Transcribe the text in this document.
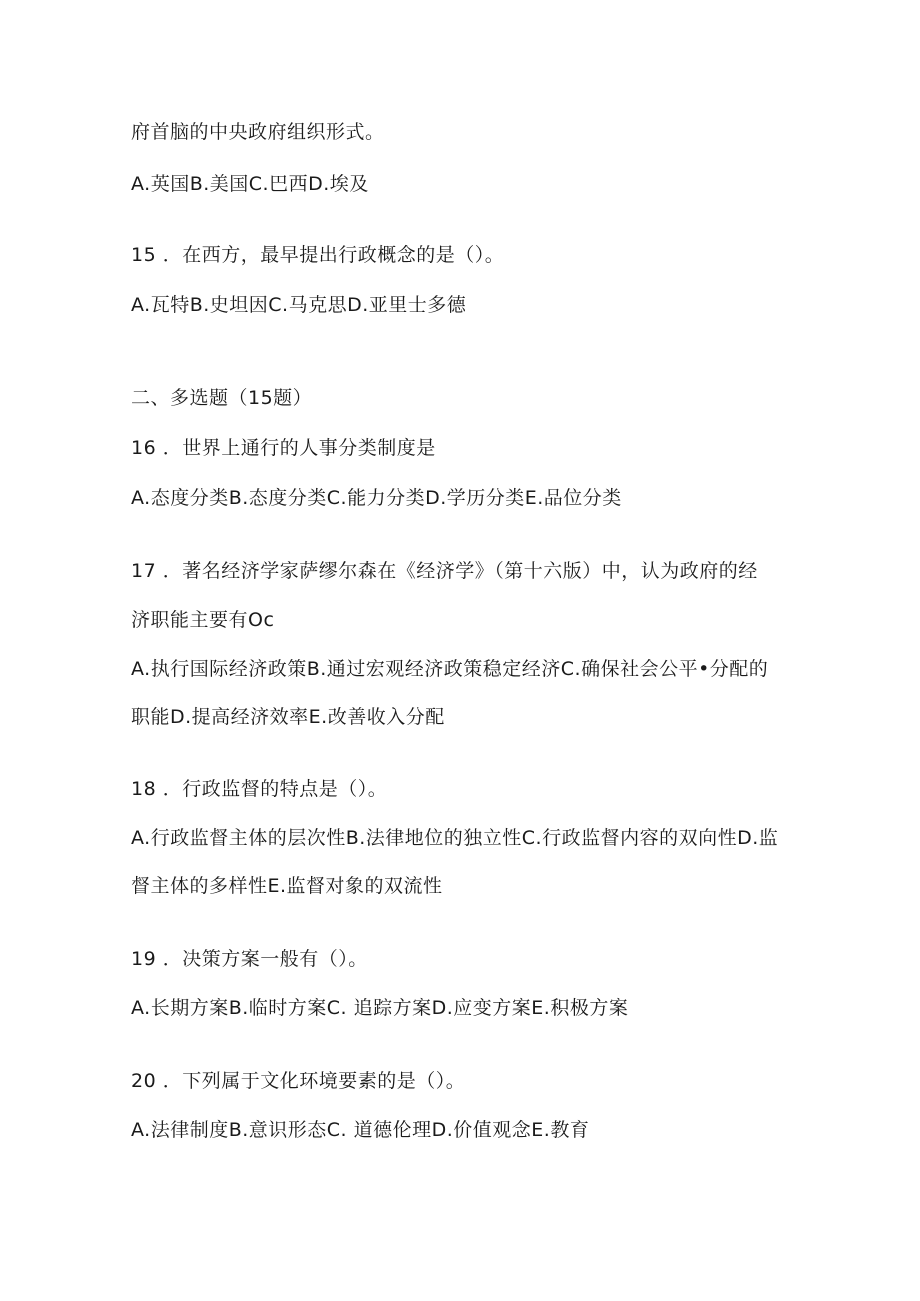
府首脑的中央政府组织形式。
A.英国B.美国C.巴西D.埃及
15 ．在西方，最早提出行政概念的是（）。
A.瓦特B.史坦因C.马克思D.亚里士多德
二、多选题（15题）
16 ．世界上通行的人事分类制度是
A.态度分类B.态度分类C.能力分类D.学历分类E.品位分类
17 ．著名经济学家萨缪尔森在《经济学》（第十六版）中，认为政府的经
济职能主要有Oc
A.执行国际经济政策B.通过宏观经济政策稳定经济C.确保社会公平•分配的
职能D.提高经济效率E.改善收入分配
18 ．行政监督的特点是（）。
A.行政监督主体的层次性B.法律地位的独立性C.行政监督内容的双向性D.监
督主体的多样性E.监督对象的双流性
19 ．决策方案一般有（）。
A.长期方案B.临时方案C. 追踪方案D.应变方案E.积极方案
20 ．下列属于文化环境要素的是（）。
A.法律制度B.意识形态C. 道德伦理D.价值观念E.教育
